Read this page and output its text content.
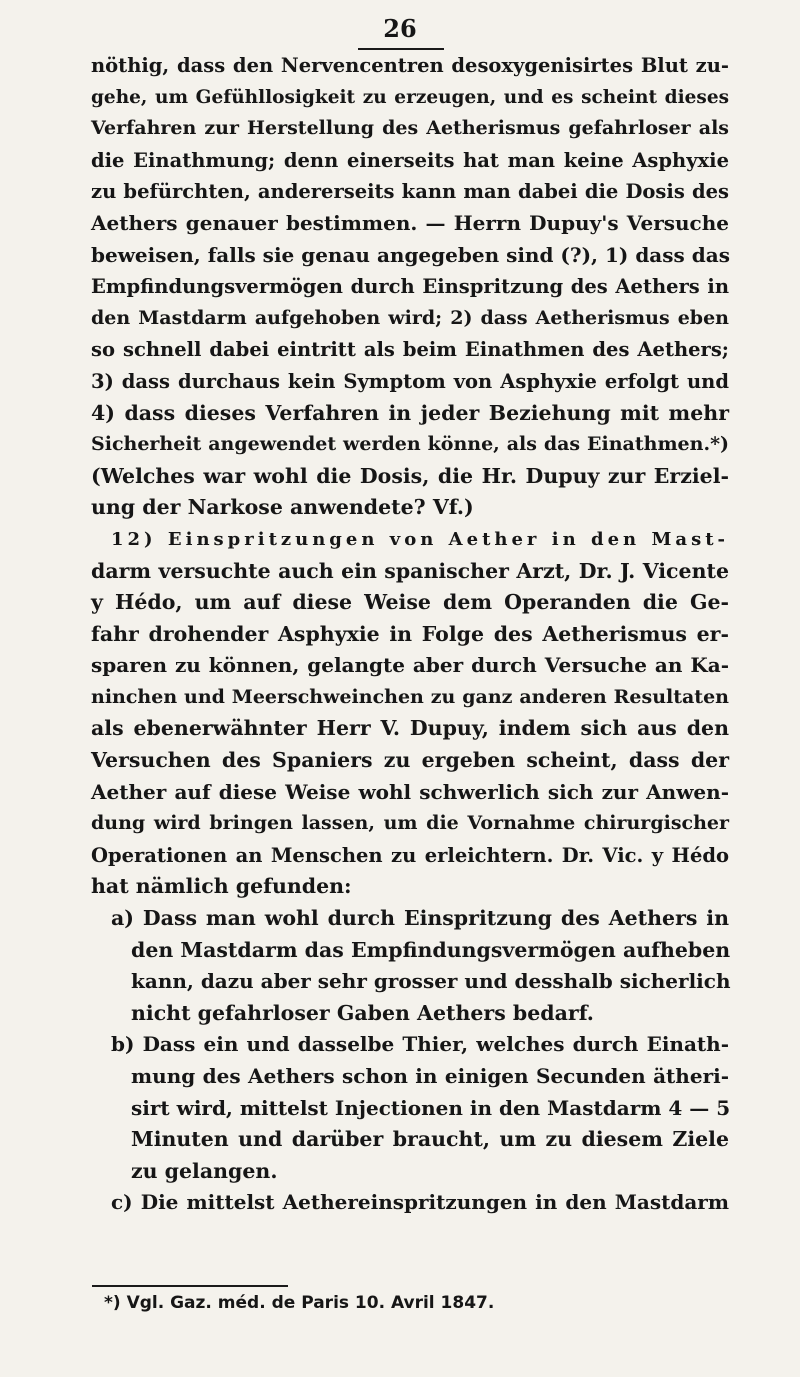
26
nöthig, dass den Nervencentren desoxygenisirtes Blut zu-
gehe, um Gefühllosigkeit zu erzeugen, und es scheint dieses
Verfahren zur Herstellung des Aetherismus gefahrloser als
die Einathmung; denn einerseits hat man keine Asphyxie
zu befürchten, andererseits kann man dabei die Dosis des
Aethers genauer bestimmen. — Herrn Dupuy's Versuche
beweisen, falls sie genau angegeben sind (?), 1) dass das
Empfindungsvermögen durch Einspritzung des Aethers in
den Mastdarm aufgehoben wird; 2) dass Aetherismus eben
so schnell dabei eintritt als beim Einathmen des Aethers;
3) dass durchaus kein Symptom von Asphyxie erfolgt und
4) dass dieses Verfahren in jeder Beziehung mit mehr
Sicherheit angewendet werden könne, als das Einathmen.*)
(Welches war wohl die Dosis, die Hr. Dupuy zur Erziel-
ung der Narkose anwendete? Vf.)
12) Einspritzungen von Aether in den Mast-
darm versuchte auch ein spanischer Arzt, Dr. J. Vicente
y Hédo, um auf diese Weise dem Operanden die Ge-
fahr drohender Asphyxie in Folge des Aetherismus er-
sparen zu können, gelangte aber durch Versuche an Ka-
ninchen und Meerschweinchen zu ganz anderen Resultaten
als ebenerwähnter Herr V. Dupuy, indem sich aus den
Versuchen des Spaniers zu ergeben scheint, dass der
Aether auf diese Weise wohl schwerlich sich zur Anwen-
dung wird bringen lassen, um die Vornahme chirurgischer
Operationen an Menschen zu erleichtern. Dr. Vic. y Hédo
hat nämlich gefunden:
a) Dass man wohl durch Einspritzung des Aethers in
den Mastdarm das Empfindungsvermögen aufheben
kann, dazu aber sehr grosser und desshalb sicherlich
nicht gefahrloser Gaben Aethers bedarf.
b) Dass ein und dasselbe Thier, welches durch Einath-
mung des Aethers schon in einigen Secunden ätheri-
sirt wird, mittelst Injectionen in den Mastdarm 4 — 5
Minuten und darüber braucht, um zu diesem Ziele
zu gelangen.
c) Die mittelst Aethereinspritzungen in den Mastdarm
*) Vgl. Gaz. méd. de Paris 10. Avril 1847.
